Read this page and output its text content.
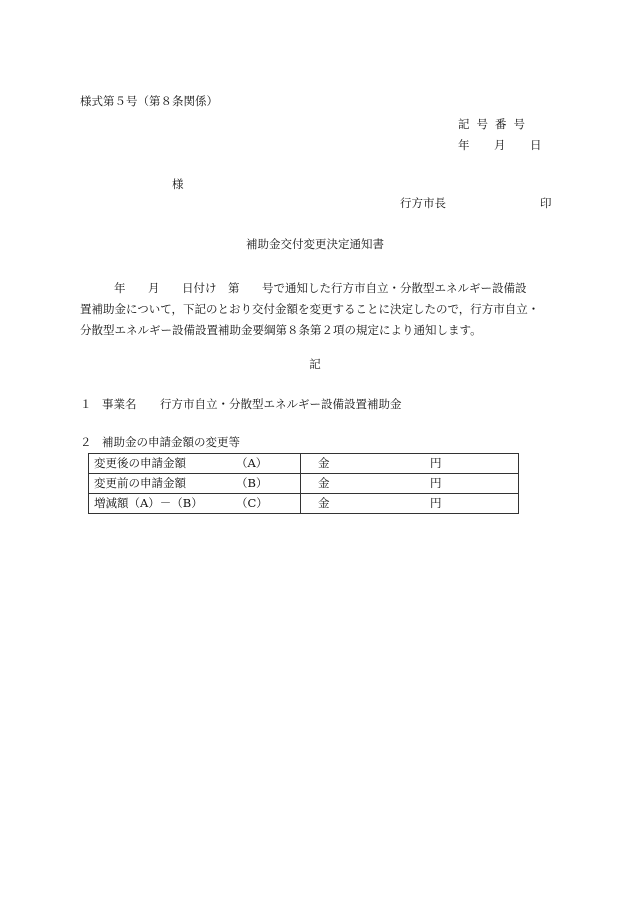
様式第５号（第８条関係）
記号番号
年 月 日
様
行方市長	印
補助金交付変更決定通知書
年 月 日付け 第 号で通知した行方市自立・分散型エネルギー設備設
置補助金について，下記のとおり交付金額を変更することに決定したので，行方市自立・
分散型エネルギー設備設置補助金要綱第８条第２項の規定により通知します。
記
１ 事業名 行方市自立・分散型エネルギー設備設置補助金
２ 補助金の申請金額の変更等
変更後の申請金額 （A）	金 円
変更前の申請金額 （B）	金 円
増減額（A）－（B） （C）	金 円
